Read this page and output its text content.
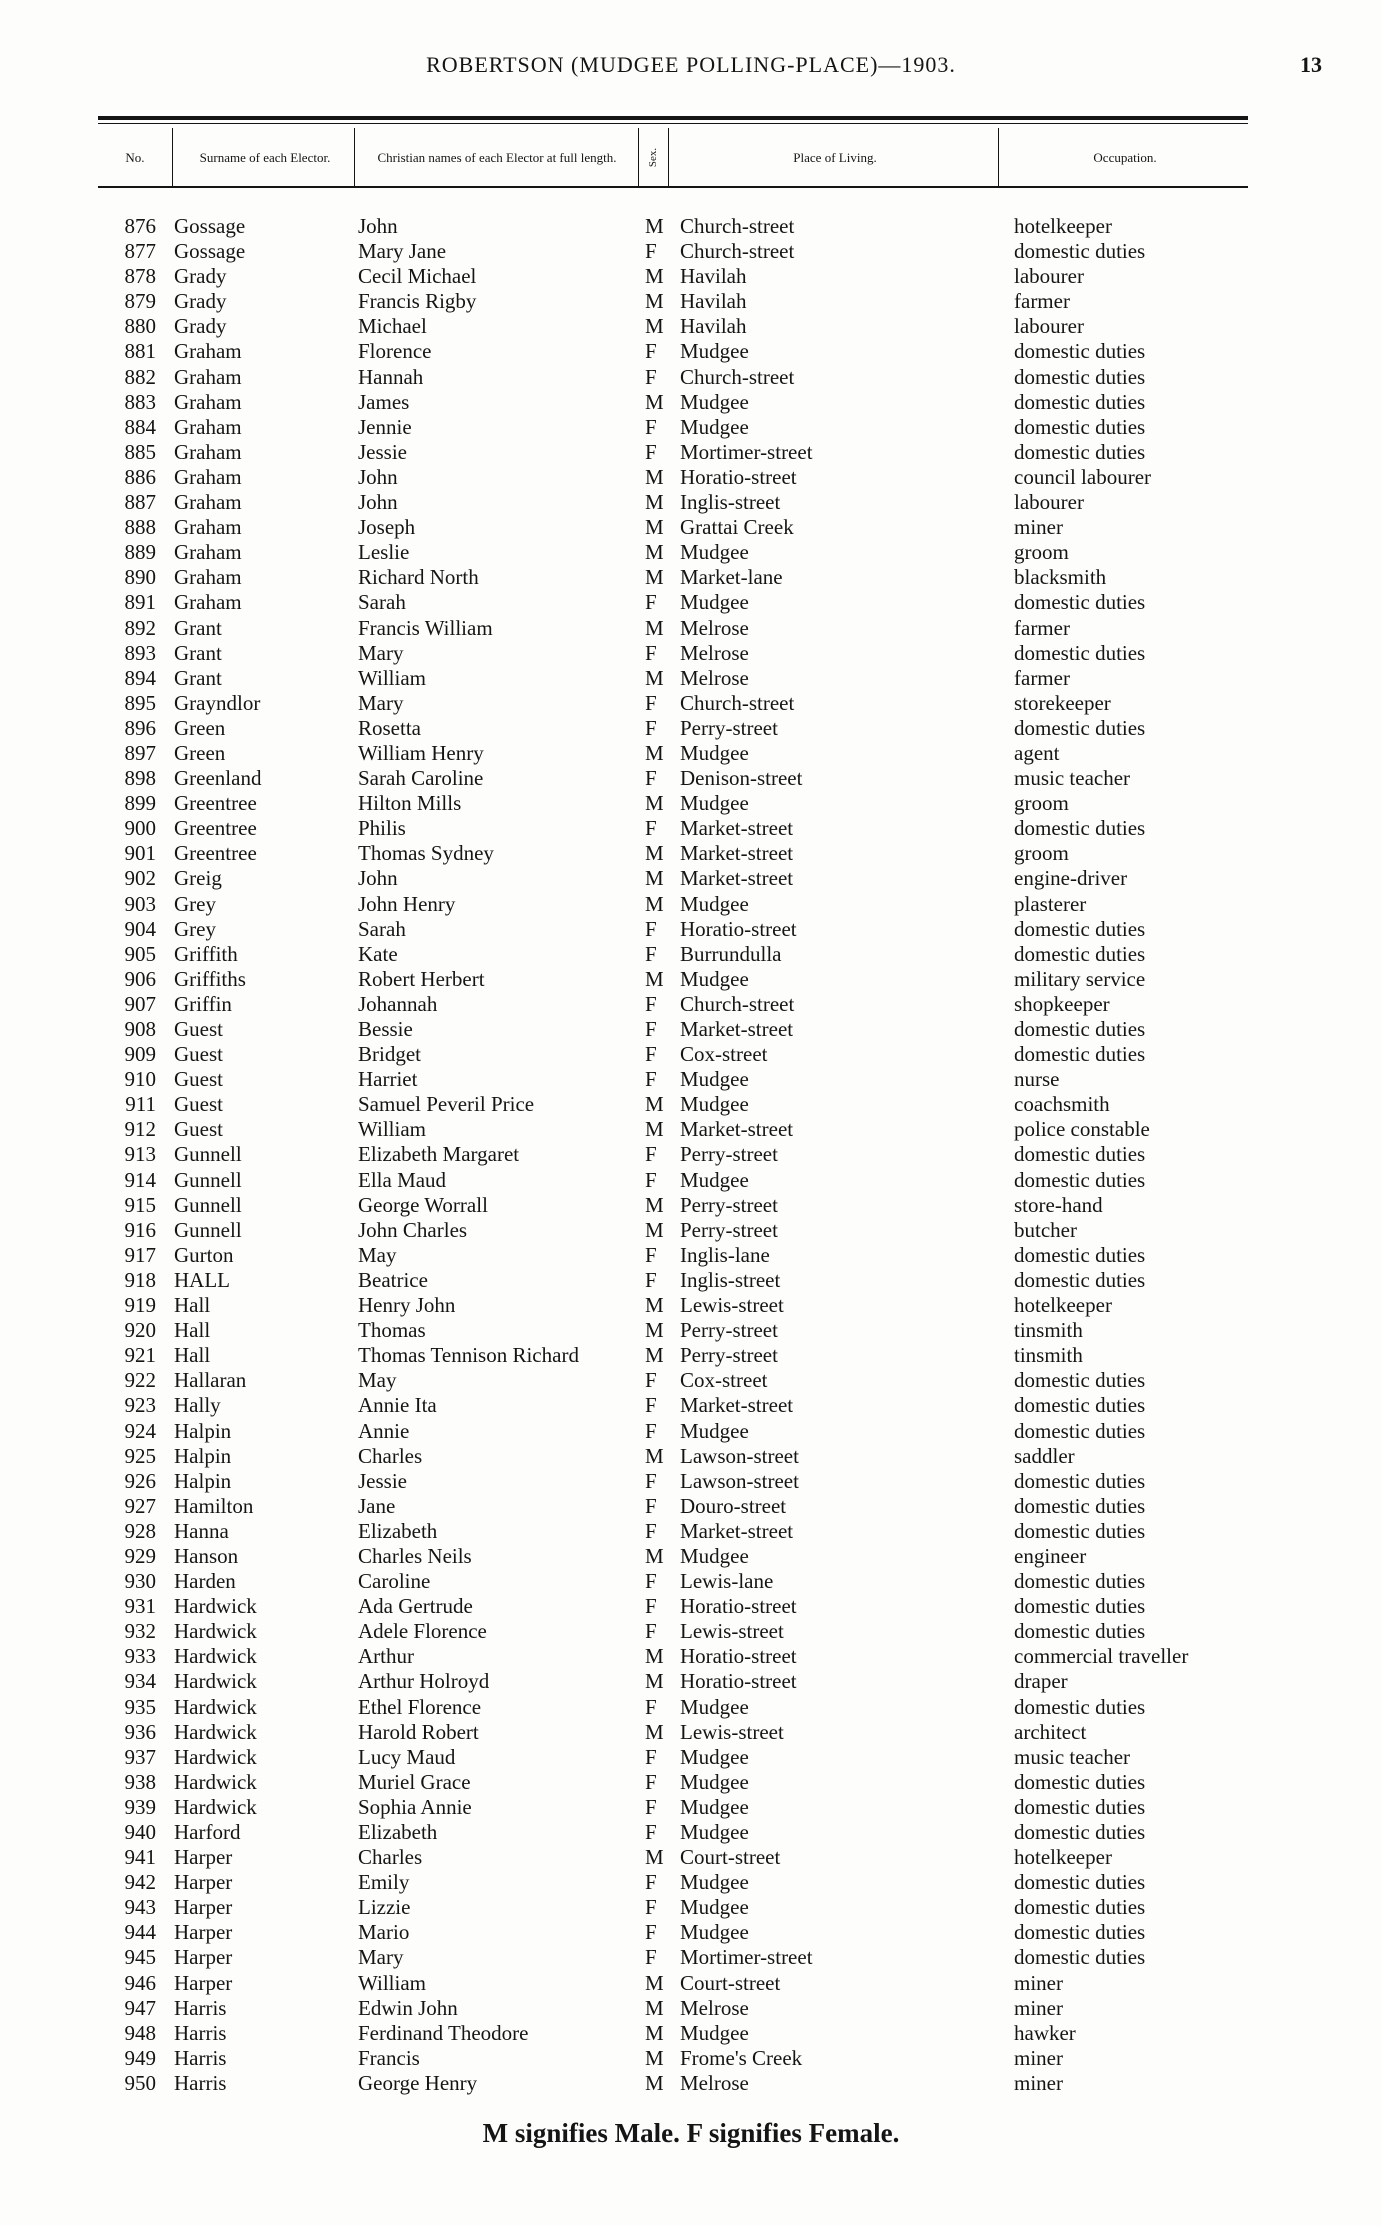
ROBERTSON (MUDGEE POLLING-PLACE)—1903.	13
No.	Surname of each Elector.	Christian names of each Elector at full length.	Sex.	Place of Living.	Occupation.
876 Gossage	John	M Church-street	hotelkeeper
877 Gossage	Mary Jane	F Church-street	domestic duties
878 Grady	Cecil Michael	M Havilah	labourer
879 Grady	Francis Rigby	M Havilah	farmer
880 Grady	Michael	M Havilah	labourer
881 Graham	Florence	F Mudgee	domestic duties
882 Graham	Hannah	F Church-street	domestic duties
883 Graham	James	M Mudgee	domestic duties
884 Graham	Jennie	F Mudgee	domestic duties
885 Graham	Jessie	F Mortimer-street	domestic duties
886 Graham	John	M Horatio-street	council labourer
887 Graham	John	M Inglis-street	labourer
888 Graham	Joseph	M Grattai Creek	miner
889 Graham	Leslie	M Mudgee	groom
890 Graham	Richard North	M Market-lane	blacksmith
891 Graham	Sarah	F Mudgee	domestic duties
892 Grant	Francis William	M Melrose	farmer
893 Grant	Mary	F Melrose	domestic duties
894 Grant	William	M Melrose	farmer
895 Grayndlor	Mary	F Church-street	storekeeper
896 Green	Rosetta	F Perry-street	domestic duties
897 Green	William Henry	M Mudgee	agent
898 Greenland	Sarah Caroline	F Denison-street	music teacher
899 Greentree	Hilton Mills	M Mudgee	groom
900 Greentree	Philis	F Market-street	domestic duties
901 Greentree	Thomas Sydney	M Market-street	groom
902 Greig	John	M Market-street	engine-driver
903 Grey	John Henry	M Mudgee	plasterer
904 Grey	Sarah	F Horatio-street	domestic duties
905 Griffith	Kate	F Burrundulla	domestic duties
906 Griffiths	Robert Herbert	M Mudgee	military service
907 Griffin	Johannah	F Church-street	shopkeeper
908 Guest	Bessie	F Market-street	domestic duties
909 Guest	Bridget	F Cox-street	domestic duties
910 Guest	Harriet	F Mudgee	nurse
911 Guest	Samuel Peveril Price	M Mudgee	coachsmith
912 Guest	William	M Market-street	police constable
913 Gunnell	Elizabeth Margaret	F Perry-street	domestic duties
914 Gunnell	Ella Maud	F Mudgee	domestic duties
915 Gunnell	George Worrall	M Perry-street	store-hand
916 Gunnell	John Charles	M Perry-street	butcher
917 Gurton	May	F Inglis-lane	domestic duties
918 HALL	Beatrice	F Inglis-street	domestic duties
919 Hall	Henry John	M Lewis-street	hotelkeeper
920 Hall	Thomas	M Perry-street	tinsmith
921 Hall	Thomas Tennison Richard	M Perry-street	tinsmith
922 Hallaran	May	F Cox-street	domestic duties
923 Hally	Annie Ita	F Market-street	domestic duties
924 Halpin	Annie	F Mudgee	domestic duties
925 Halpin	Charles	M Lawson-street	saddler
926 Halpin	Jessie	F Lawson-street	domestic duties
927 Hamilton	Jane	F Douro-street	domestic duties
928 Hanna	Elizabeth	F Market-street	domestic duties
929 Hanson	Charles Neils	M Mudgee	engineer
930 Harden	Caroline	F Lewis-lane	domestic duties
931 Hardwick	Ada Gertrude	F Horatio-street	domestic duties
932 Hardwick	Adele Florence	F Lewis-street	domestic duties
933 Hardwick	Arthur	M Horatio-street	commercial traveller
934 Hardwick	Arthur Holroyd	M Horatio-street	draper
935 Hardwick	Ethel Florence	F Mudgee	domestic duties
936 Hardwick	Harold Robert	M Lewis-street	architect
937 Hardwick	Lucy Maud	F Mudgee	music teacher
938 Hardwick	Muriel Grace	F Mudgee	domestic duties
939 Hardwick	Sophia Annie	F Mudgee	domestic duties
940 Harford	Elizabeth	F Mudgee	domestic duties
941 Harper	Charles	M Court-street	hotelkeeper
942 Harper	Emily	F Mudgee	domestic duties
943 Harper	Lizzie	F Mudgee	domestic duties
944 Harper	Mario	F Mudgee	domestic duties
945 Harper	Mary	F Mortimer-street	domestic duties
946 Harper	William	M Court-street	miner
947 Harris	Edwin John	M Melrose	miner
948 Harris	Ferdinand Theodore	M Mudgee	hawker
949 Harris	Francis	M Frome's Creek	miner
950 Harris	George Henry	M Melrose	miner
M signifies Male. F signifies Female.
